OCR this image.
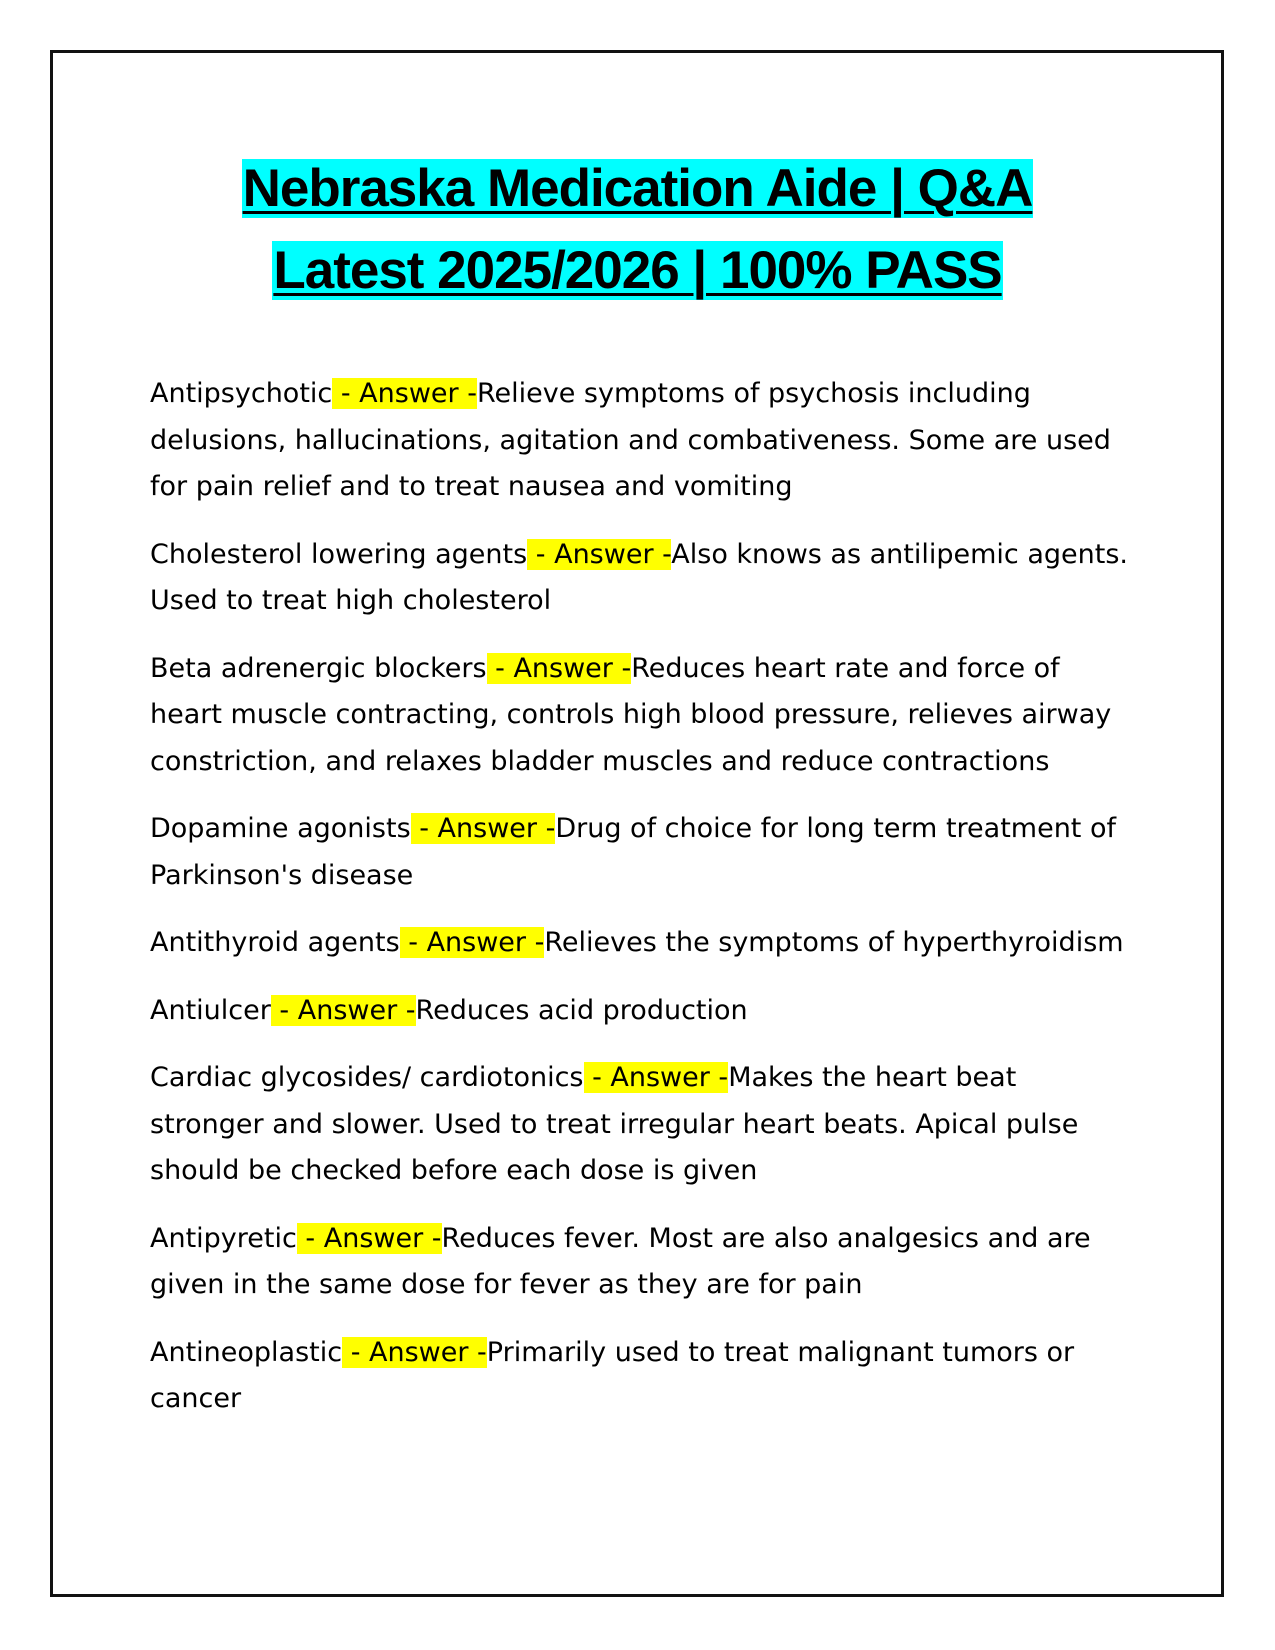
Nebraska Medication Aide | Q&A
Latest 2025/2026 | 100% PASS

Antipsychotic - Answer -Relieve symptoms of psychosis including delusions, hallucinations, agitation and combativeness. Some are used for pain relief and to treat nausea and vomiting

Cholesterol lowering agents - Answer -Also knows as antilipemic agents. Used to treat high cholesterol

Beta adrenergic blockers - Answer -Reduces heart rate and force of heart muscle contracting, controls high blood pressure, relieves airway constriction, and relaxes bladder muscles and reduce contractions

Dopamine agonists - Answer -Drug of choice for long term treatment of Parkinson's disease

Antithyroid agents - Answer -Relieves the symptoms of hyperthyroidism

Antiulcer - Answer -Reduces acid production

Cardiac glycosides/ cardiotonics - Answer -Makes the heart beat stronger and slower. Used to treat irregular heart beats. Apical pulse should be checked before each dose is given

Antipyretic - Answer -Reduces fever. Most are also analgesics and are given in the same dose for fever as they are for pain

Antineoplastic - Answer -Primarily used to treat malignant tumors or cancer
